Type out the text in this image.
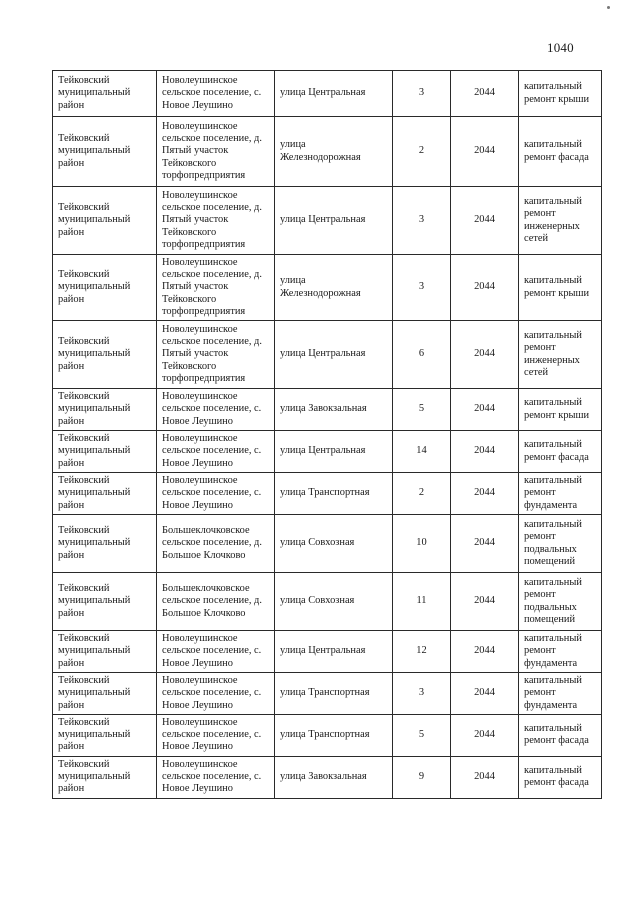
1040
Тейковский муниципальный район	Новолеушинское сельское поселение, с. Новое Леушино	улица Центральная	3	2044	капитальный ремонт крыши
Тейковский муниципальный район	Новолеушинское сельское поселение, д. Пятый участок Тейковского торфопредприятия	улица Железнодорожная	2	2044	капитальный ремонт фасада
Тейковский муниципальный район	Новолеушинское сельское поселение, д. Пятый участок Тейковского торфопредприятия	улица Центральная	3	2044	капитальный ремонт инженерных сетей
Тейковский муниципальный район	Новолеушинское сельское поселение, д. Пятый участок Тейковского торфопредприятия	улица Железнодорожная	3	2044	капитальный ремонт крыши
Тейковский муниципальный район	Новолеушинское сельское поселение, д. Пятый участок Тейковского торфопредприятия	улица Центральная	6	2044	капитальный ремонт инженерных сетей
Тейковский муниципальный район	Новолеушинское сельское поселение, с. Новое Леушино	улица Завокзальная	5	2044	капитальный ремонт крыши
Тейковский муниципальный район	Новолеушинское сельское поселение, с. Новое Леушино	улица Центральная	14	2044	капитальный ремонт фасада
Тейковский муниципальный район	Новолеушинское сельское поселение, с. Новое Леушино	улица Транспортная	2	2044	капитальный ремонт фундамента
Тейковский муниципальный район	Большеклочковское сельское поселение, д. Большое Клочково	улица Совхозная	10	2044	капитальный ремонт подвальных помещений
Тейковский муниципальный район	Большеклочковское сельское поселение, д. Большое Клочково	улица Совхозная	11	2044	капитальный ремонт подвальных помещений
Тейковский муниципальный район	Новолеушинское сельское поселение, с. Новое Леушино	улица Центральная	12	2044	капитальный ремонт фундамента
Тейковский муниципальный район	Новолеушинское сельское поселение, с. Новое Леушино	улица Транспортная	3	2044	капитальный ремонт фундамента
Тейковский муниципальный район	Новолеушинское сельское поселение, с. Новое Леушино	улица Транспортная	5	2044	капитальный ремонт фасада
Тейковский муниципальный район	Новолеушинское сельское поселение, с. Новое Леушино	улица Завокзальная	9	2044	капитальный ремонт фасада
